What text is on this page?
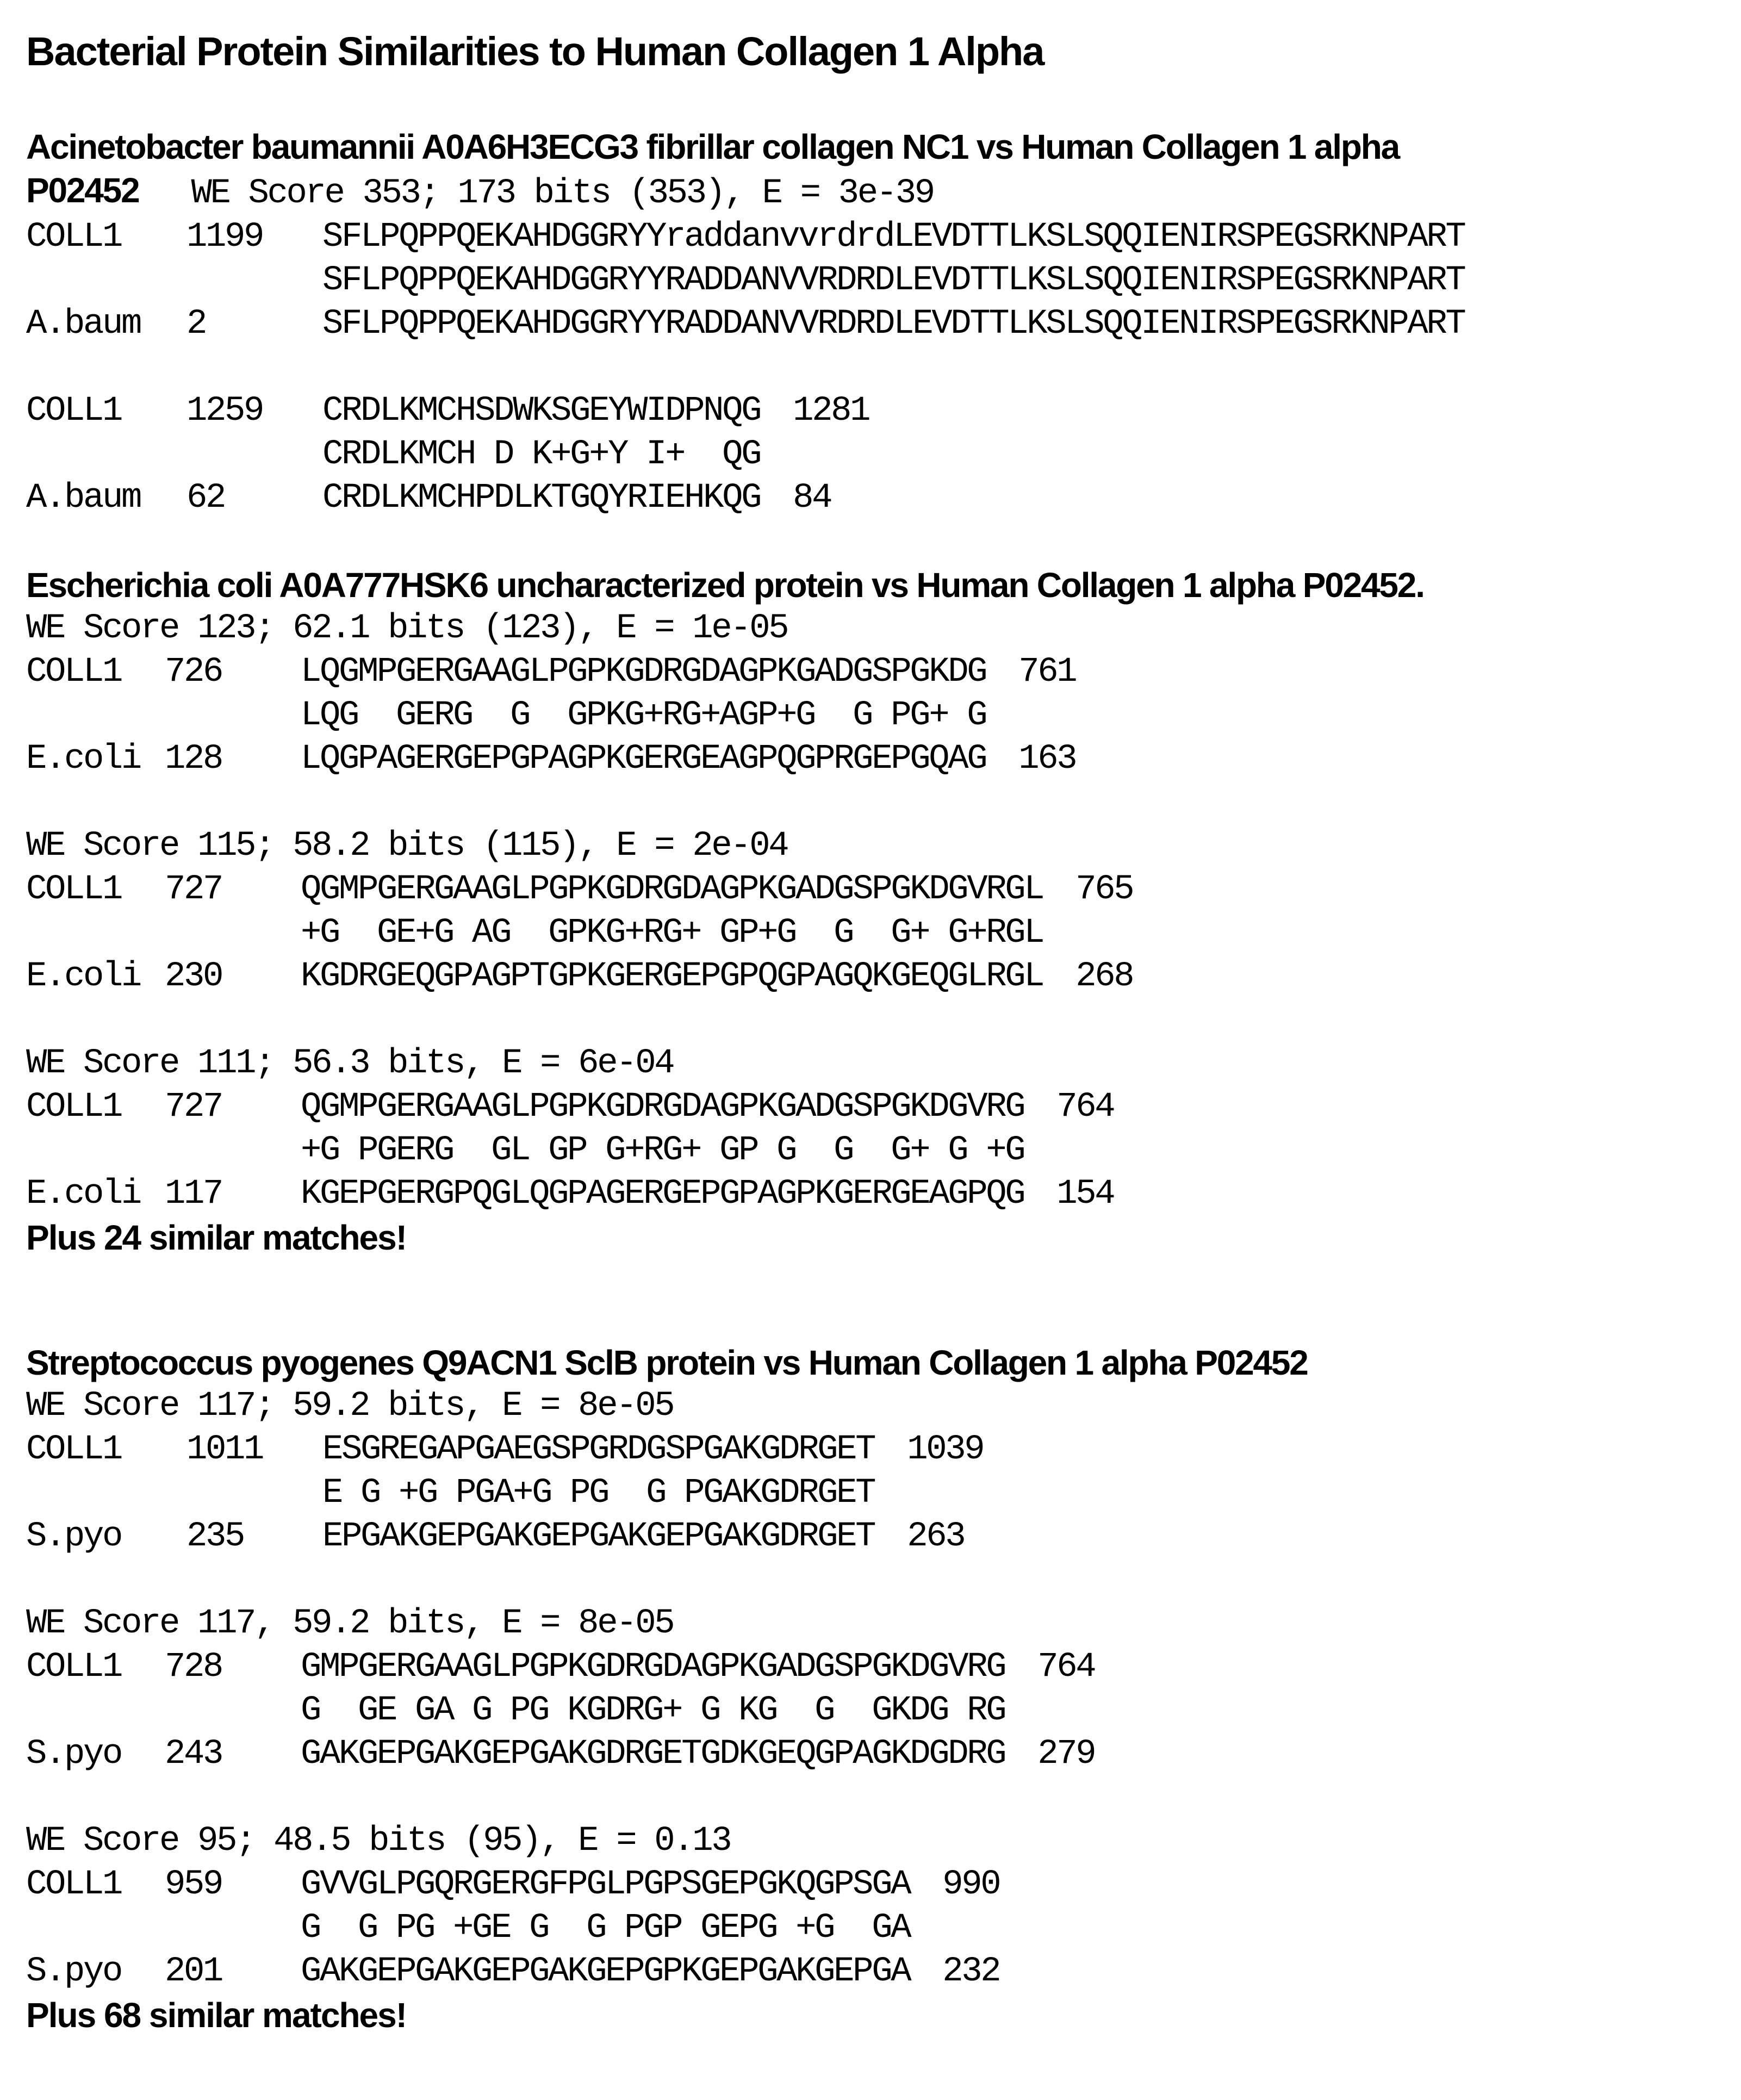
Bacterial Protein Similarities to Human Collagen 1 Alpha
Acinetobacter baumannii A0A6H3ECG3 fibrillar collagen NC1 vs Human Collagen 1 alpha
P02452 WE Score 353; 173 bits (353), E = 3e-39
COLL1	1199	SFLPQPPQEKAHDGGRYYraddanvvrdrdLEVDTTLKSLSQQIENIRSPEGSRKNPART
SFLPQPPQEKAHDGGRYYRADDANVVRDRDLEVDTTLKSLSQQIENIRSPEGSRKNPART
A.baum	2	SFLPQPPQEKAHDGGRYYRADDANVVRDRDLEVDTTLKSLSQQIENIRSPEGSRKNPART
COLL1	1259	CRDLKMCHSDWKSGEYWIDPNQG 1281
CRDLKMCH D K+G+Y I+  QG
A.baum	62	CRDLKMCHPDLKTGQYRIEHKQG 84
Escherichia coli A0A777HSK6 uncharacterized protein vs Human Collagen 1 alpha P02452.
WE Score 123; 62.1 bits (123), E = 1e-05
COLL1	726	LQGMPGERGAAGLPGPKGDRGDAGPKGADGSPGKDG 761
LQG  GERG  G  GPKG+RG+AGP+G  G PG+ G
E.coli 128	LQGPAGERGEPGPAGPKGERGEAGPQGPRGEPGQAG 163
WE Score 115; 58.2 bits (115), E = 2e-04
COLL1	727	QGMPGERGAAGLPGPKGDRGDAGPKGADGSPGKDGVRGL 765
+G  GE+G AG  GPKG+RG+ GP+G  G  G+ G+RGL
E.coli 230	KGDRGEQGPAGPTGPKGERGEPGPQGPAGQKGEQGLRGL 268
WE Score 111; 56.3 bits, E = 6e-04
COLL1	727	QGMPGERGAAGLPGPKGDRGDAGPKGADGSPGKDGVRG 764
+G PGERG  GL GP G+RG+ GP G  G  G+ G +G
E.coli 117	KGEPGERGPQGLQGPAGERGEPGPAGPKGERGEAGPQG 154
Plus 24 similar matches!
Streptococcus pyogenes Q9ACN1 SclB protein vs Human Collagen 1 alpha P02452
WE Score 117; 59.2 bits, E = 8e-05
COLL1	1011	ESGREGAPGAEGSPGRDGSPGAKGDRGET 1039
E G +G PGA+G PG  G PGAKGDRGET
S.pyo	235	EPGAKGEPGAKGEPGAKGEPGAKGDRGET 263
WE Score 117, 59.2 bits, E = 8e-05
COLL1	728	GMPGERGAAGLPGPKGDRGDAGPKGADGSPGKDGVRG 764
G  GE GA G PG KGDRG+ G KG  G  GKDG RG
S.pyo	243	GAKGEPGAKGEPGAKGDRGETGDKGEQGPAGKDGDRG 279
WE Score 95; 48.5 bits (95), E = 0.13
COLL1	959	GVVGLPGQRGERGFPGLPGPSGEPGKQGPSGA 990
G  G PG +GE G  G PGP GEPG +G  GA
S.pyo	201	GAKGEPGAKGEPGAKGEPGPKGEPGAKGEPGA 232
Plus 68 similar matches!
